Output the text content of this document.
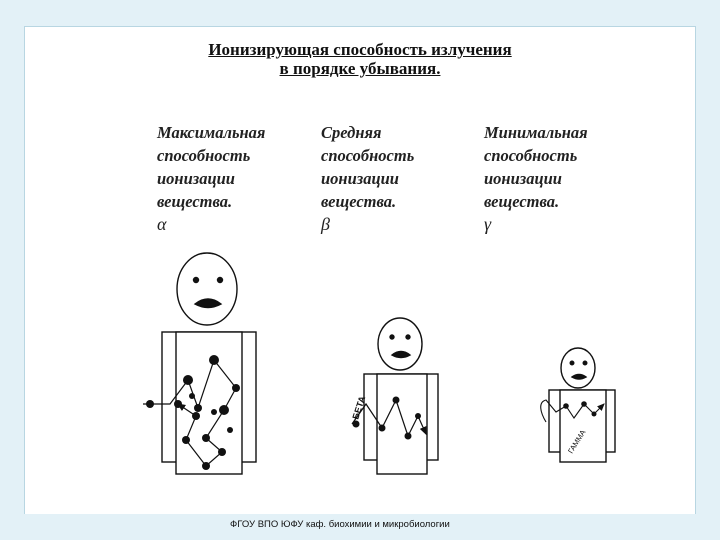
Ионизирующая способность излучения
в порядке убывания.
Максимальная
способность
ионизации
вещества.
α
Средняя
способность
ионизации
вещества.
β
Минимальная
способность
ионизации
вещества.
γ
БЕТА
ГАММА
ФГОУ ВПО ЮФУ каф. биохимии и микробиологии
